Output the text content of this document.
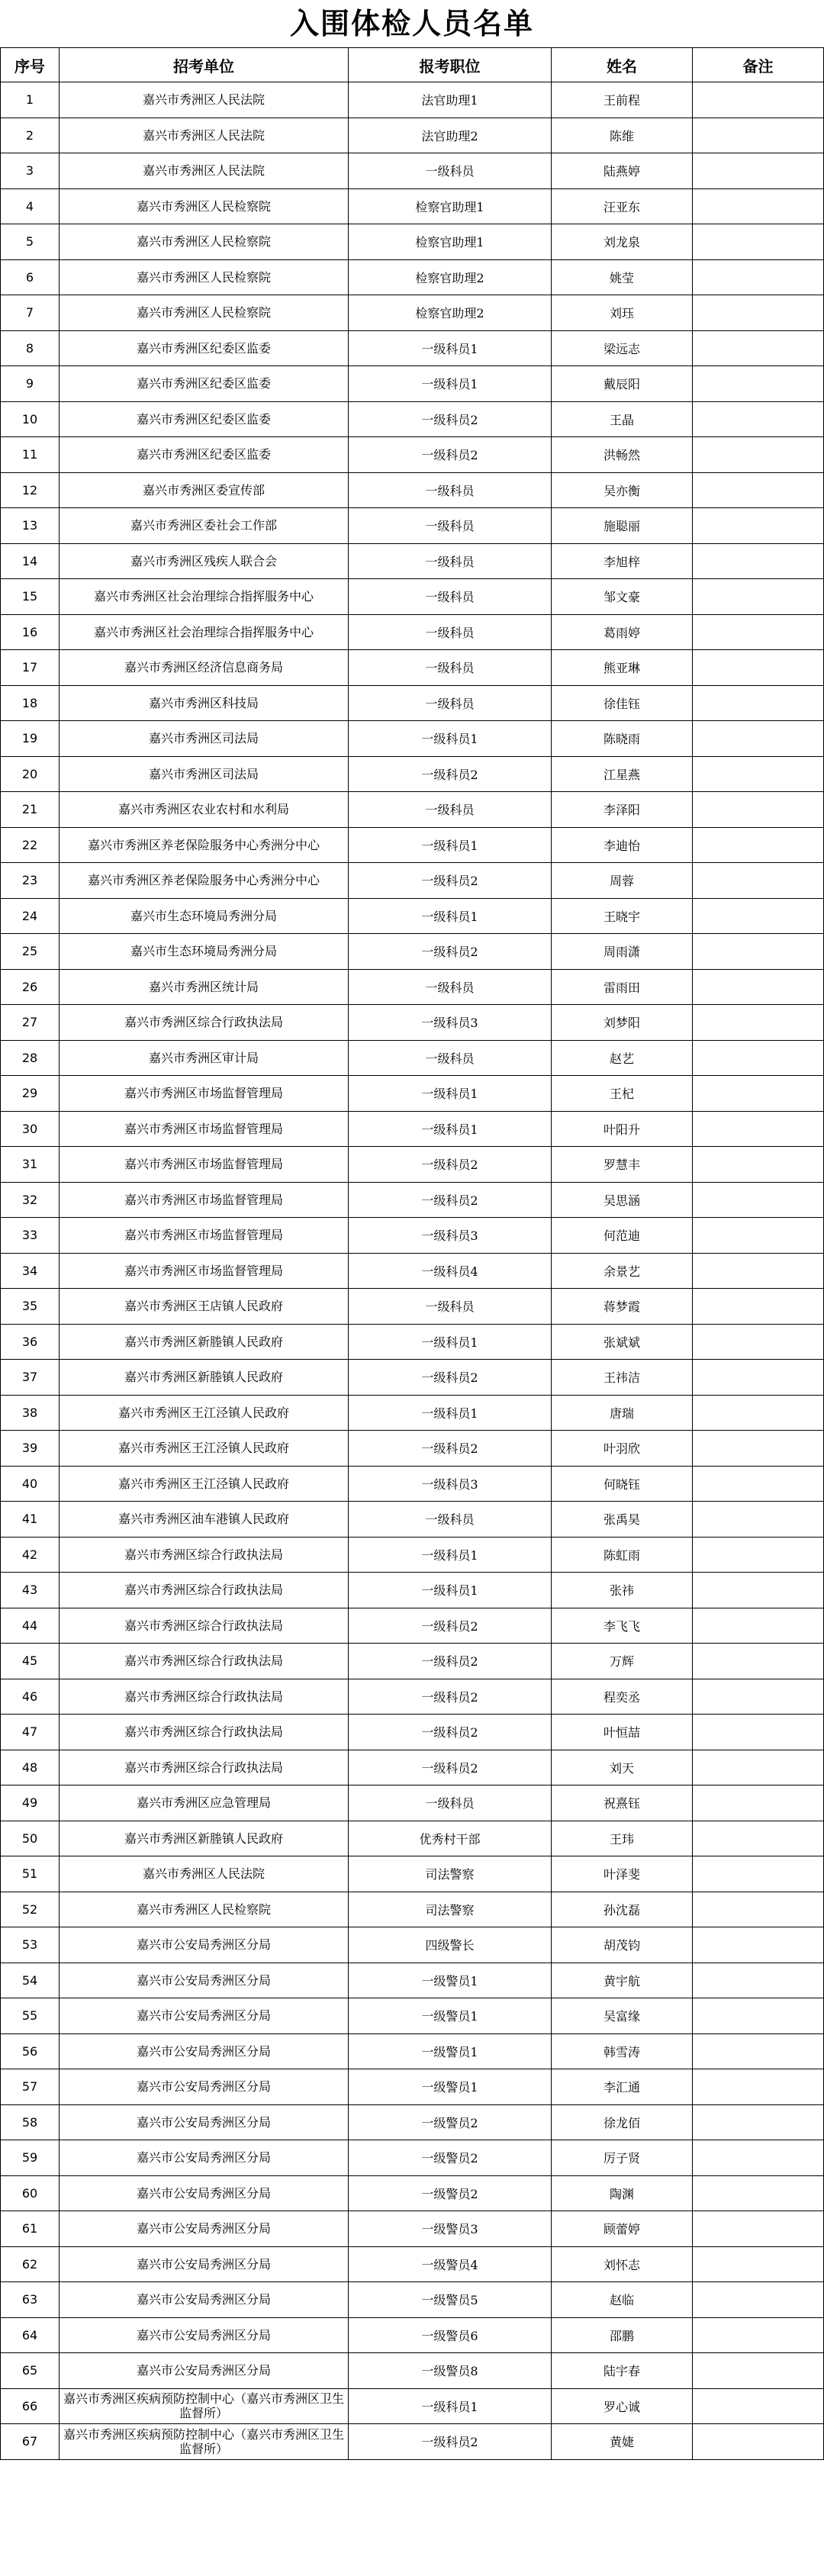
入围体检人员名单
序号	招考单位	报考职位	姓名	备注
1	嘉兴市秀洲区人民法院	法官助理1	王前程	
2	嘉兴市秀洲区人民法院	法官助理2	陈维	
3	嘉兴市秀洲区人民法院	一级科员	陆燕婷	
4	嘉兴市秀洲区人民检察院	检察官助理1	汪亚东	
5	嘉兴市秀洲区人民检察院	检察官助理1	刘龙泉	
6	嘉兴市秀洲区人民检察院	检察官助理2	姚莹	
7	嘉兴市秀洲区人民检察院	检察官助理2	刘珏	
8	嘉兴市秀洲区纪委区监委	一级科员1	梁远志	
9	嘉兴市秀洲区纪委区监委	一级科员1	戴辰阳	
10	嘉兴市秀洲区纪委区监委	一级科员2	王晶	
11	嘉兴市秀洲区纪委区监委	一级科员2	洪畅然	
12	嘉兴市秀洲区委宣传部	一级科员	吴亦衡	
13	嘉兴市秀洲区委社会工作部	一级科员	施聪丽	
14	嘉兴市秀洲区残疾人联合会	一级科员	李旭梓	
15	嘉兴市秀洲区社会治理综合指挥服务中心	一级科员	邹文豪	
16	嘉兴市秀洲区社会治理综合指挥服务中心	一级科员	葛雨婷	
17	嘉兴市秀洲区经济信息商务局	一级科员	熊亚琳	
18	嘉兴市秀洲区科技局	一级科员	徐佳钰	
19	嘉兴市秀洲区司法局	一级科员1	陈晓雨	
20	嘉兴市秀洲区司法局	一级科员2	江星燕	
21	嘉兴市秀洲区农业农村和水利局	一级科员	李泽阳	
22	嘉兴市秀洲区养老保险服务中心秀洲分中心	一级科员1	李迪怡	
23	嘉兴市秀洲区养老保险服务中心秀洲分中心	一级科员2	周蓉	
24	嘉兴市生态环境局秀洲分局	一级科员1	王晓宇	
25	嘉兴市生态环境局秀洲分局	一级科员2	周雨潇	
26	嘉兴市秀洲区统计局	一级科员	雷雨田	
27	嘉兴市秀洲区综合行政执法局	一级科员3	刘梦阳	
28	嘉兴市秀洲区审计局	一级科员	赵艺	
29	嘉兴市秀洲区市场监督管理局	一级科员1	王杞	
30	嘉兴市秀洲区市场监督管理局	一级科员1	叶阳升	
31	嘉兴市秀洲区市场监督管理局	一级科员2	罗慧丰	
32	嘉兴市秀洲区市场监督管理局	一级科员2	吴思涵	
33	嘉兴市秀洲区市场监督管理局	一级科员3	何范迪	
34	嘉兴市秀洲区市场监督管理局	一级科员4	余景艺	
35	嘉兴市秀洲区王店镇人民政府	一级科员	蒋梦霞	
36	嘉兴市秀洲区新塍镇人民政府	一级科员1	张斌斌	
37	嘉兴市秀洲区新塍镇人民政府	一级科员2	王祎洁	
38	嘉兴市秀洲区王江泾镇人民政府	一级科员1	唐瑞	
39	嘉兴市秀洲区王江泾镇人民政府	一级科员2	叶羽欣	
40	嘉兴市秀洲区王江泾镇人民政府	一级科员3	何晓钰	
41	嘉兴市秀洲区油车港镇人民政府	一级科员	张禹昊	
42	嘉兴市秀洲区综合行政执法局	一级科员1	陈虹雨	
43	嘉兴市秀洲区综合行政执法局	一级科员1	张祎	
44	嘉兴市秀洲区综合行政执法局	一级科员2	李飞飞	
45	嘉兴市秀洲区综合行政执法局	一级科员2	万辉	
46	嘉兴市秀洲区综合行政执法局	一级科员2	程奕丞	
47	嘉兴市秀洲区综合行政执法局	一级科员2	叶恒喆	
48	嘉兴市秀洲区综合行政执法局	一级科员2	刘天	
49	嘉兴市秀洲区应急管理局	一级科员	祝熹钰	
50	嘉兴市秀洲区新塍镇人民政府	优秀村干部	王玮	
51	嘉兴市秀洲区人民法院	司法警察	叶泽斐	
52	嘉兴市秀洲区人民检察院	司法警察	孙沈磊	
53	嘉兴市公安局秀洲区分局	四级警长	胡茂钧	
54	嘉兴市公安局秀洲区分局	一级警员1	黄宇航	
55	嘉兴市公安局秀洲区分局	一级警员1	吴富缘	
56	嘉兴市公安局秀洲区分局	一级警员1	韩雪涛	
57	嘉兴市公安局秀洲区分局	一级警员1	李汇通	
58	嘉兴市公安局秀洲区分局	一级警员2	徐龙佰	
59	嘉兴市公安局秀洲区分局	一级警员2	厉子贤	
60	嘉兴市公安局秀洲区分局	一级警员2	陶渊	
61	嘉兴市公安局秀洲区分局	一级警员3	顾蕾婷	
62	嘉兴市公安局秀洲区分局	一级警员4	刘怀志	
63	嘉兴市公安局秀洲区分局	一级警员5	赵临	
64	嘉兴市公安局秀洲区分局	一级警员6	邵鹏	
65	嘉兴市公安局秀洲区分局	一级警员8	陆宇春	
66	嘉兴市秀洲区疾病预防控制中心（嘉兴市秀洲区卫生监督所）	一级科员1	罗心诚	
67	嘉兴市秀洲区疾病预防控制中心（嘉兴市秀洲区卫生监督所）	一级科员2	黄婕	
